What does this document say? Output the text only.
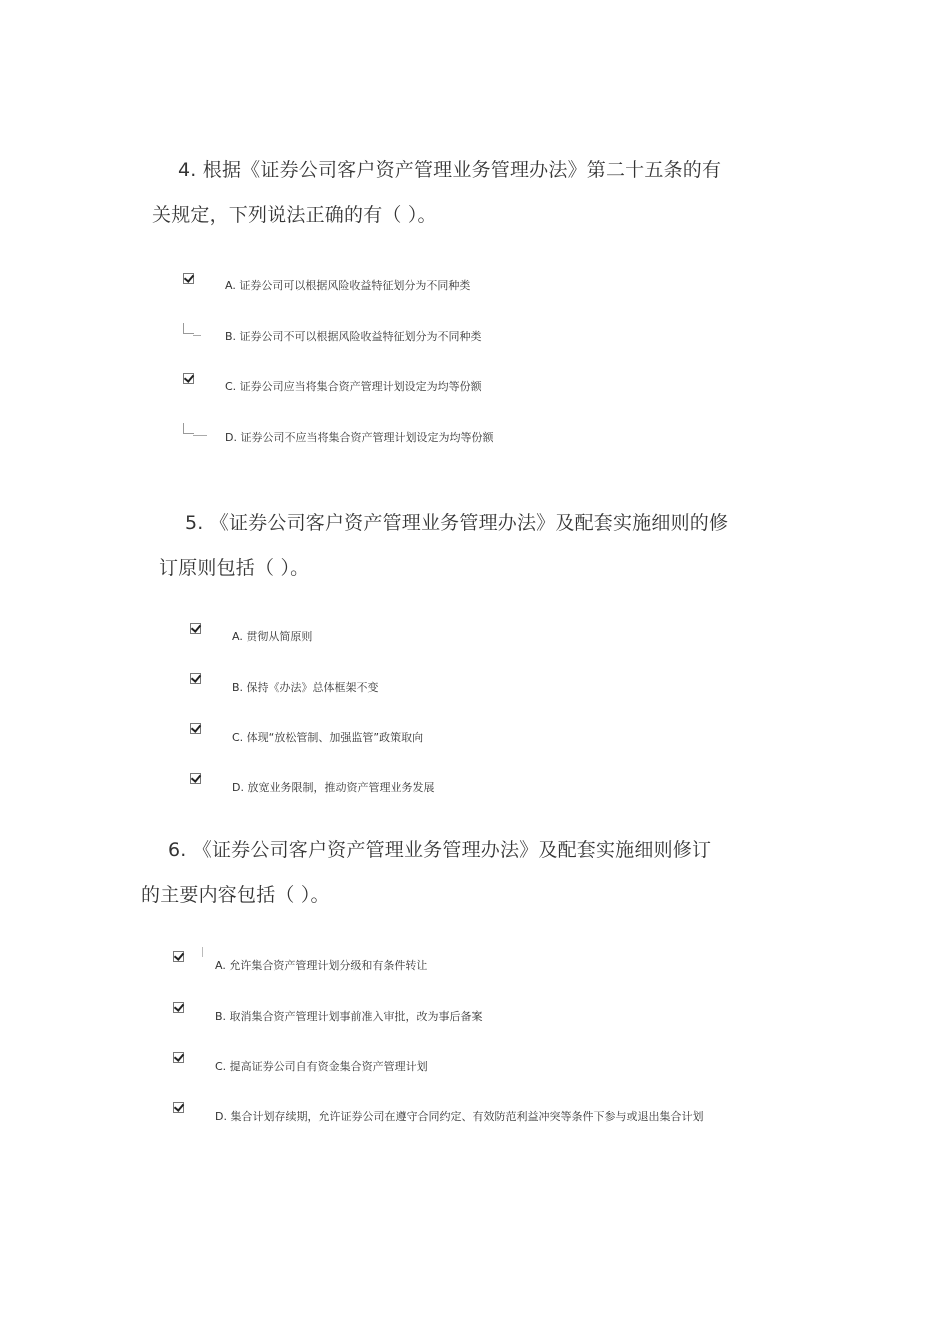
4. 根据《证券公司客户资产管理业务管理办法》第二十五条的有
关规定，下列说法正确的有（ ）。
A. 证券公司可以根据风险收益特征划分为不同种类
B. 证券公司不可以根据风险收益特征划分为不同种类
C. 证券公司应当将集合资产管理计划设定为均等份额
D. 证券公司不应当将集合资产管理计划设定为均等份额
5. 《证券公司客户资产管理业务管理办法》及配套实施细则的修
订原则包括（ ）。
A. 贯彻从简原则
B. 保持《办法》总体框架不变
C. 体现“放松管制、加强监管”政策取向
D. 放宽业务限制，推动资产管理业务发展
6. 《证券公司客户资产管理业务管理办法》及配套实施细则修订
的主要内容包括（ ）。
A. 允许集合资产管理计划分级和有条件转让
B. 取消集合资产管理计划事前准入审批，改为事后备案
C. 提高证券公司自有资金集合资产管理计划
D. 集合计划存续期，允许证券公司在遵守合同约定、有效防范利益冲突等条件下参与或退出集合计划
